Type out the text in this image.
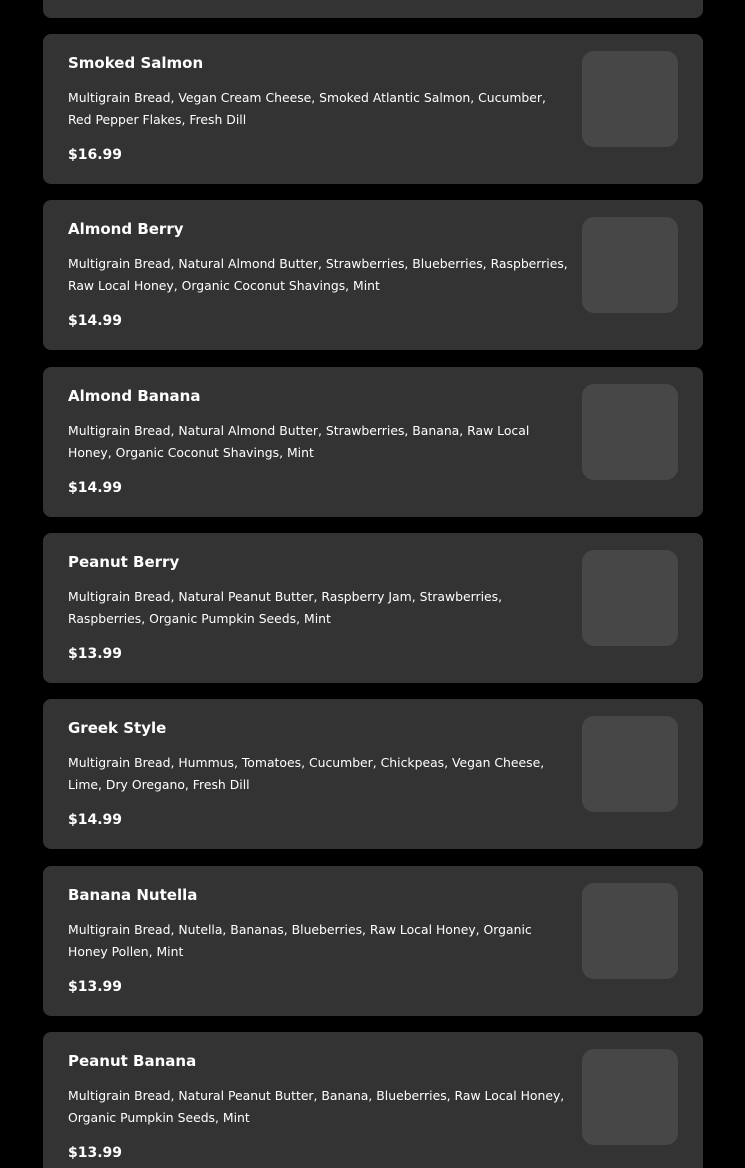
Smoked Salmon
Multigrain Bread, Vegan Cream Cheese, Smoked Atlantic Salmon, Cucumber, Red Pepper Flakes, Fresh Dill
$16.99
Almond Berry
Multigrain Bread, Natural Almond Butter, Strawberries, Blueberries, Raspberries, Raw Local Honey, Organic Coconut Shavings, Mint
$14.99
Almond Banana
Multigrain Bread, Natural Almond Butter, Strawberries, Banana, Raw Local Honey, Organic Coconut Shavings, Mint
$14.99
Peanut Berry
Multigrain Bread, Natural Peanut Butter, Raspberry Jam, Strawberries, Raspberries, Organic Pumpkin Seeds, Mint
$13.99
Greek Style
Multigrain Bread, Hummus, Tomatoes, Cucumber, Chickpeas, Vegan Cheese, Lime, Dry Oregano, Fresh Dill
$14.99
Banana Nutella
Multigrain Bread, Nutella, Bananas, Blueberries, Raw Local Honey, Organic Honey Pollen, Mint
$13.99
Peanut Banana
Multigrain Bread, Natural Peanut Butter, Banana, Blueberries, Raw Local Honey, Organic Pumpkin Seeds, Mint
$13.99
